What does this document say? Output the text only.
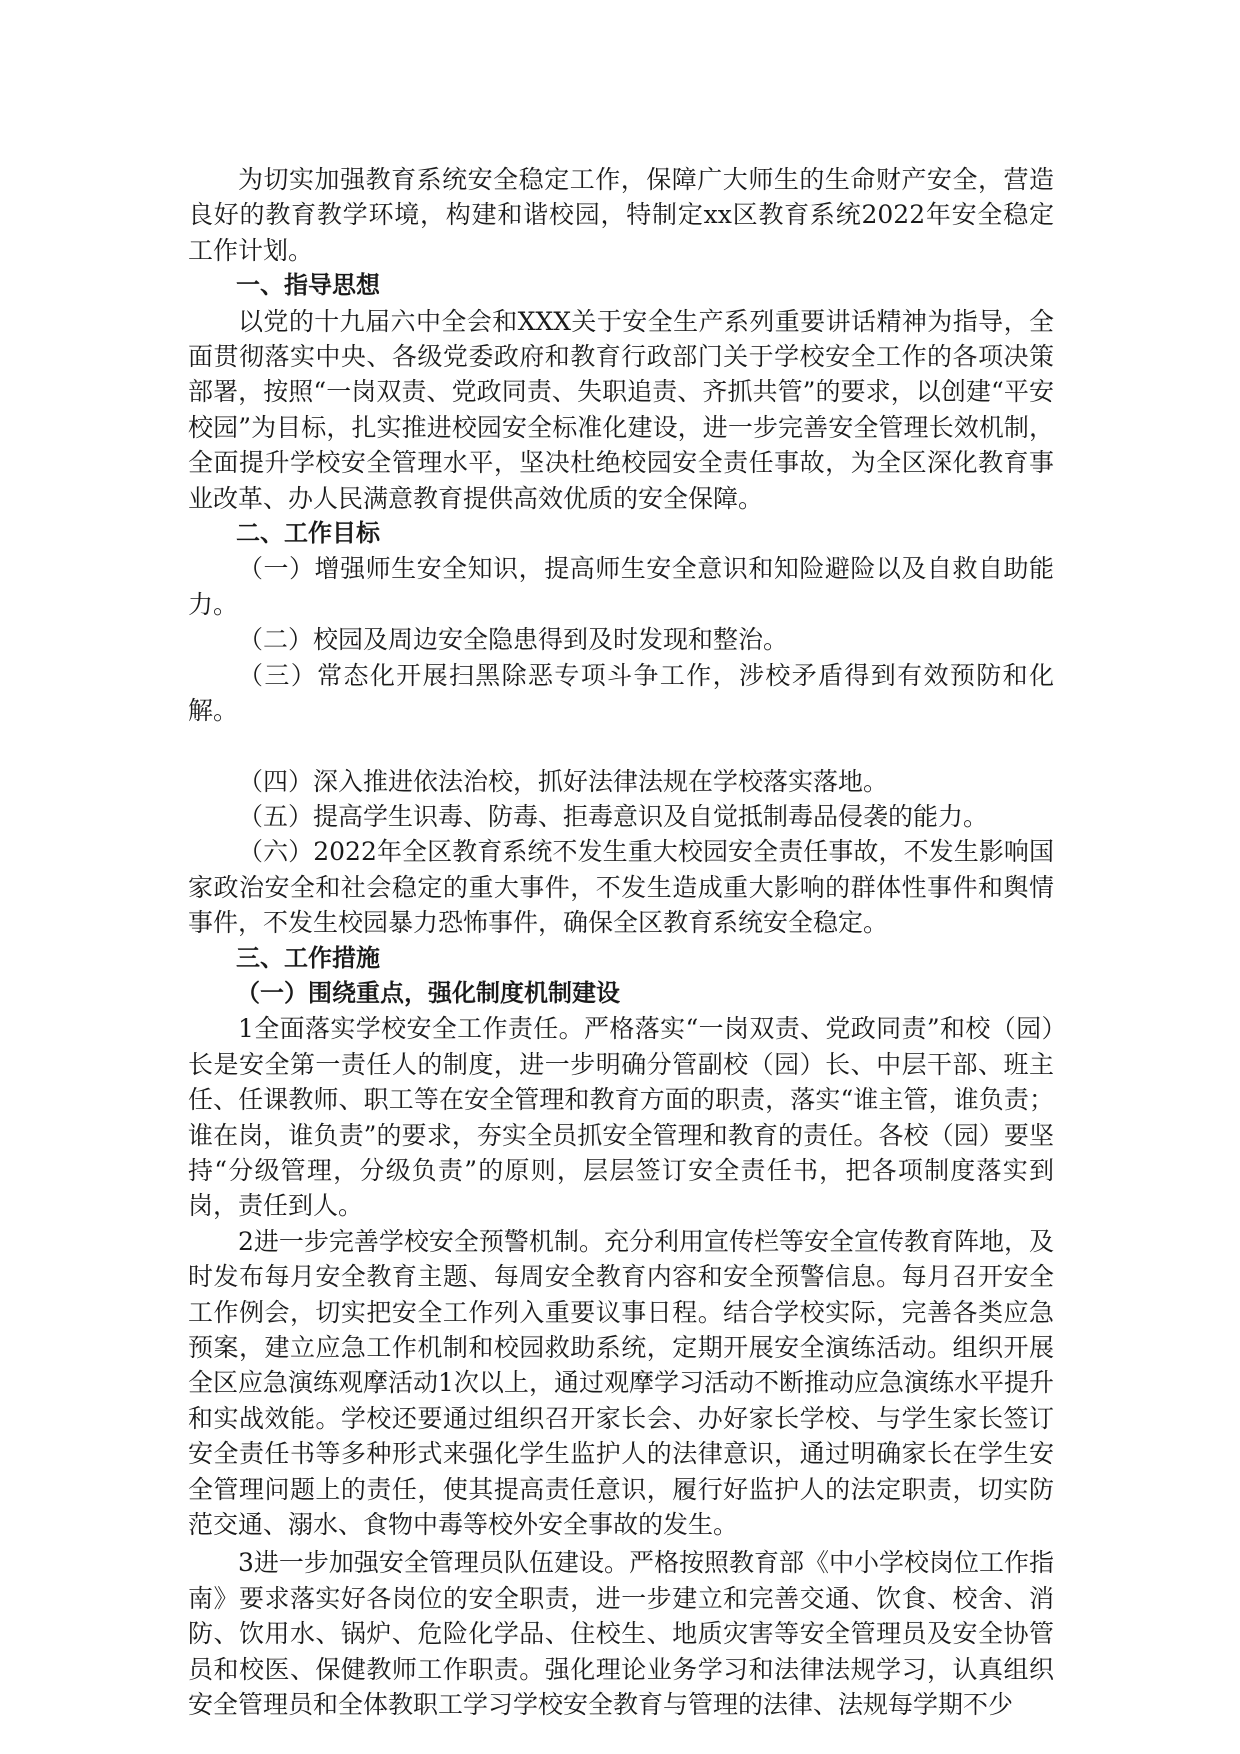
为切实加强教育系统安全稳定工作，保障广大师生的生命财产安全，营造良好的教育教学环境，构建和谐校园，特制定xx区教育系统2022年安全稳定工作计划。

一、指导思想

以党的十九届六中全会和XXX关于安全生产系列重要讲话精神为指导，全面贯彻落实中央、各级党委政府和教育行政部门关于学校安全工作的各项决策部署，按照“一岗双责、党政同责、失职追责、齐抓共管”的要求，以创建“平安校园”为目标，扎实推进校园安全标准化建设，进一步完善安全管理长效机制，全面提升学校安全管理水平，坚决杜绝校园安全责任事故，为全区深化教育事业改革、办人民满意教育提供高效优质的安全保障。

二、工作目标

（一）增强师生安全知识，提高师生安全意识和知险避险以及自救自助能力。

（二）校园及周边安全隐患得到及时发现和整治。

（三）常态化开展扫黑除恶专项斗争工作，涉校矛盾得到有效预防和化解。

（四）深入推进依法治校，抓好法律法规在学校落实落地。

（五）提高学生识毒、防毒、拒毒意识及自觉抵制毒品侵袭的能力。

（六）2022年全区教育系统不发生重大校园安全责任事故，不发生影响国家政治安全和社会稳定的重大事件，不发生造成重大影响的群体性事件和舆情事件，不发生校园暴力恐怖事件，确保全区教育系统安全稳定。

三、工作措施

（一）围绕重点，强化制度机制建设

1全面落实学校安全工作责任。严格落实“一岗双责、党政同责”和校（园）长是安全第一责任人的制度，进一步明确分管副校（园）长、中层干部、班主任、任课教师、职工等在安全管理和教育方面的职责，落实“谁主管，谁负责；谁在岗，谁负责”的要求，夯实全员抓安全管理和教育的责任。各校（园）要坚持“分级管理，分级负责”的原则，层层签订安全责任书，把各项制度落实到岗，责任到人。

2进一步完善学校安全预警机制。充分利用宣传栏等安全宣传教育阵地，及时发布每月安全教育主题、每周安全教育内容和安全预警信息。每月召开安全工作例会，切实把安全工作列入重要议事日程。结合学校实际，完善各类应急预案，建立应急工作机制和校园救助系统，定期开展安全演练活动。组织开展全区应急演练观摩活动1次以上，通过观摩学习活动不断推动应急演练水平提升和实战效能。学校还要通过组织召开家长会、办好家长学校、与学生家长签订安全责任书等多种形式来强化学生监护人的法律意识，通过明确家长在学生安全管理问题上的责任，使其提高责任意识，履行好监护人的法定职责，切实防范交通、溺水、食物中毒等校外安全事故的发生。

3进一步加强安全管理员队伍建设。严格按照教育部《中小学校岗位工作指南》要求落实好各岗位的安全职责，进一步建立和完善交通、饮食、校舍、消防、饮用水、锅炉、危险化学品、住校生、地质灾害等安全管理员及安全协管员和校医、保健教师工作职责。强化理论业务学习和法律法规学习，认真组织安全管理员和全体教职工学习学校安全教育与管理的法律、法规每学期不少
